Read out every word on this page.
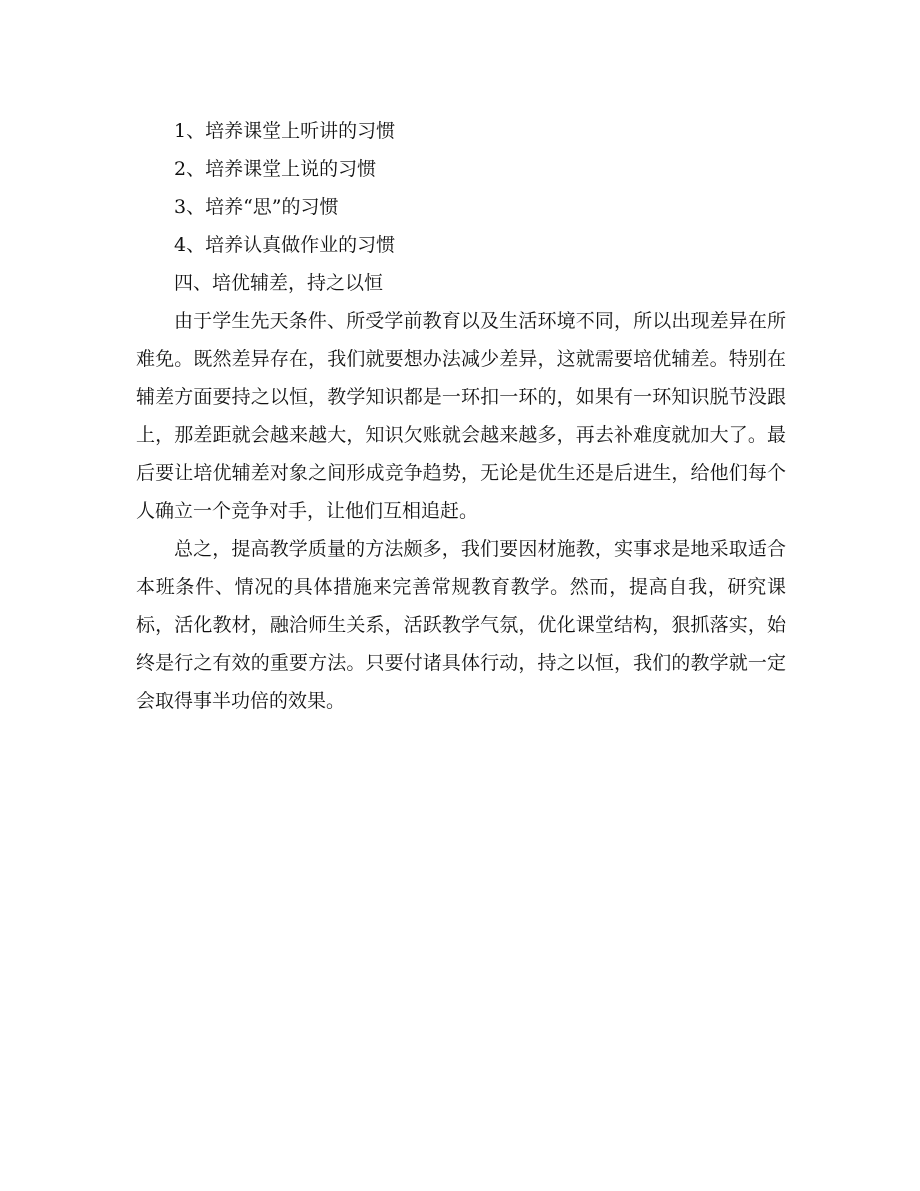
1、培养课堂上听讲的习惯

2、培养课堂上说的习惯

3、培养“思”的习惯

4、培养认真做作业的习惯

四、培优辅差，持之以恒

由于学生先天条件、所受学前教育以及生活环境不同，所以出现差异在所难免。既然差异存在，我们就要想办法减少差异，这就需要培优辅差。特别在辅差方面要持之以恒，教学知识都是一环扣一环的，如果有一环知识脱节没跟上，那差距就会越来越大，知识欠账就会越来越多，再去补难度就加大了。最后要让培优辅差对象之间形成竞争趋势，无论是优生还是后进生，给他们每个人确立一个竞争对手，让他们互相追赶。

总之，提高教学质量的方法颇多，我们要因材施教，实事求是地采取适合本班条件、情况的具体措施来完善常规教育教学。然而，提高自我，研究课标，活化教材，融洽师生关系，活跃教学气氛，优化课堂结构，狠抓落实，始终是行之有效的重要方法。只要付诸具体行动，持之以恒，我们的教学就一定会取得事半功倍的效果。
